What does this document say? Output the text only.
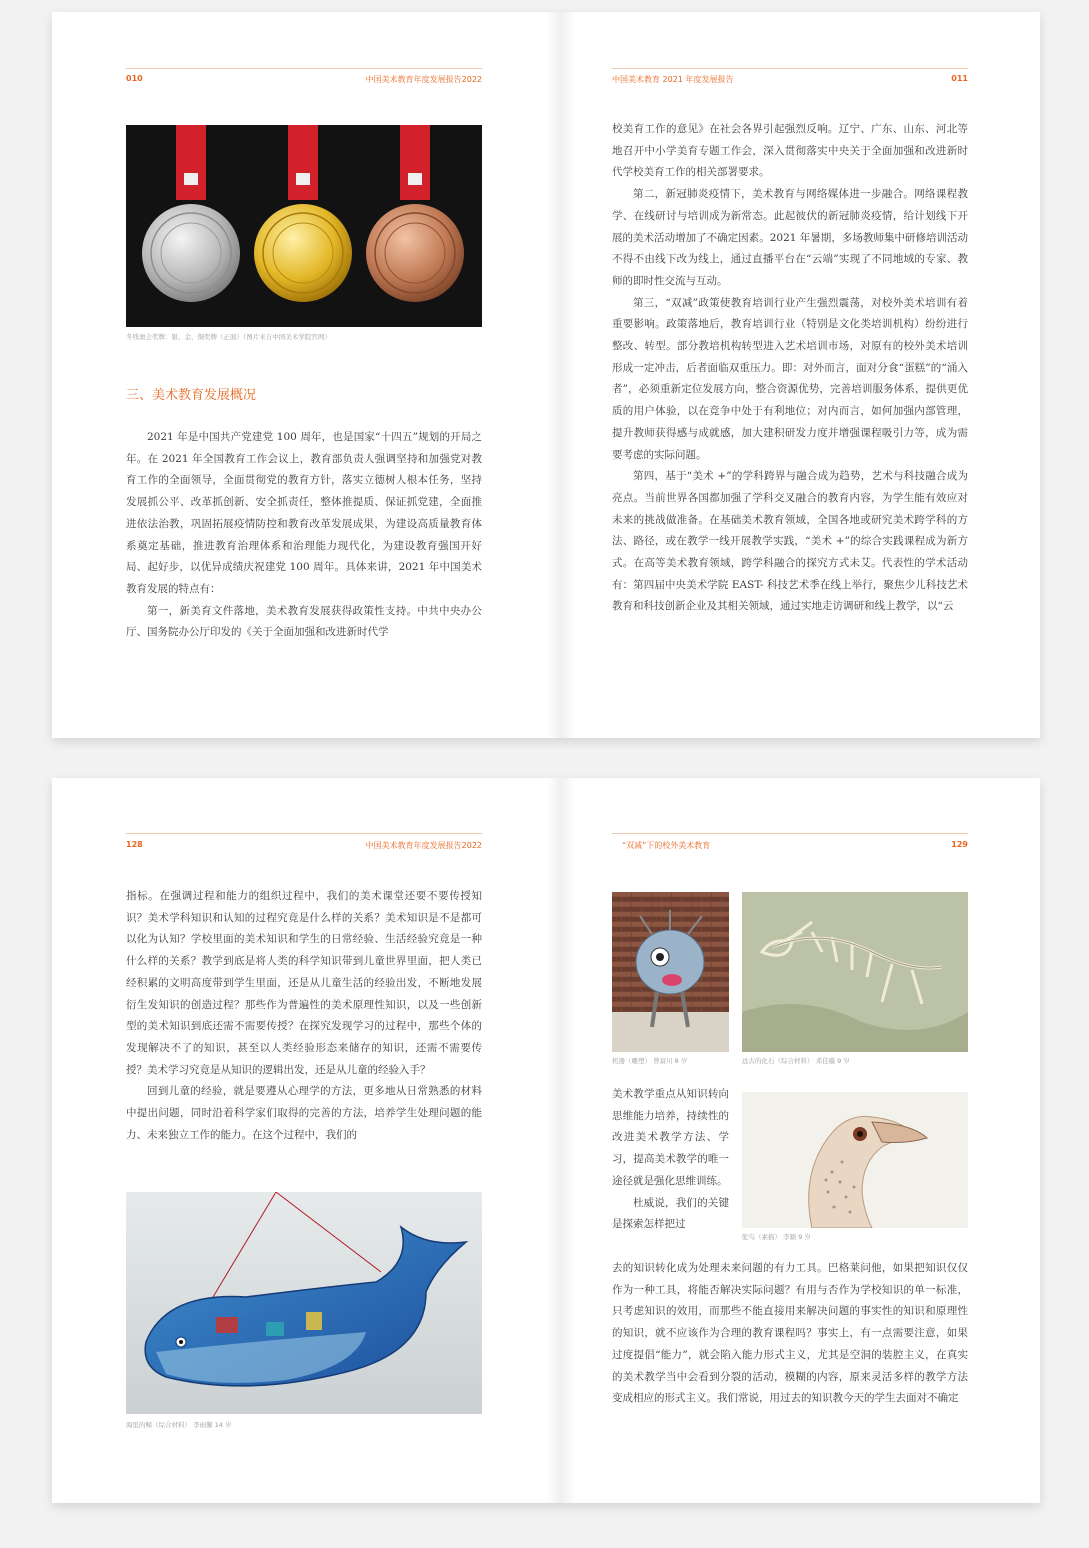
010	中国美术教育年度发展报告2022
冬残奥会奖牌：银、金、铜奖牌（正面）（图片来自中国美术学院官网）
三、美术教育发展概况

2021 年是中国共产党建党 100 周年，也是国家“十四五”规划的开局之年。在 2021 年全国教育工作会议上，教育部负责人强调坚持和加强党对教育工作的全面领导，全面贯彻党的教育方针，落实立德树人根本任务，坚持发展抓公平、改革抓创新、安全抓责任，整体推提质、保证抓党建，全面推进依法治教，巩固拓展疫情防控和教育改革发展成果，为建设高质量教育体系奠定基础，推进教育治理体系和治理能力现代化，为建设教育强国开好局、起好步，以优异成绩庆祝建党 100 周年。具体来讲，2021 年中国美术教育发展的特点有：

第一，新美育文件落地，美术教育发展获得政策性支持。中共中央办公厅、国务院办公厅印发的《关于全面加强和改进新时代学

中国美术教育 2021 年度发展报告	011

校美育工作的意见》在社会各界引起强烈反响。辽宁、广东、山东、河北等地召开中小学美育专题工作会，深入贯彻落实中央关于全面加强和改进新时代学校美育工作的相关部署要求。

第二，新冠肺炎疫情下，美术教育与网络媒体进一步融合。网络课程教学、在线研讨与培训成为新常态。此起彼伏的新冠肺炎疫情，给计划线下开展的美术活动增加了不确定因素。2021 年暑期，多场教师集中研修培训活动不得不由线下改为线上，通过直播平台在“云端”实现了不同地域的专家、教师的即时性交流与互动。

第三，“双减”政策使教育培训行业产生强烈震荡，对校外美术培训有着重要影响。政策落地后，教育培训行业（特别是文化类培训机构）纷纷进行整改、转型。部分教培机构转型进入艺术培训市场，对原有的校外美术培训形成一定冲击，后者面临双重压力。即：对外而言，面对分食“蛋糕”的“涌入者”，必须重新定位发展方向，整合资源优势，完善培训服务体系，提供更优质的用户体验，以在竞争中处于有利地位；对内而言，如何加强内部管理，提升教师获得感与成就感，加大建积研发力度并增强课程吸引力等，成为需要考虑的实际问题。

第四，基于“美术 +”的学科跨界与融合成为趋势，艺术与科技融合成为亮点。当前世界各国都加强了学科交叉融合的教育内容，为学生能有效应对未来的挑战做准备。在基础美术教育领域，全国各地或研究美术跨学科的方法、路径，或在教学一线开展教学实践，“美术 +”的综合实践课程成为新方式。在高等美术教育领域，跨学科融合的探究方式未艾。代表性的学术活动有：第四届中央美术学院 EAST- 科技艺术季在线上举行，聚焦少儿科技艺术教育和科技创新企业及其相关领域，通过实地走访调研和线上教学，以“云

128	中国美术教育年度发展报告2022

指标。在强调过程和能力的组织过程中，我们的美术课堂还要不要传授知识？美术学科知识和认知的过程究竟是什么样的关系？美术知识是不是都可以化为认知？学校里面的美术知识和学生的日常经验、生活经验究竟是一种什么样的关系？教学到底是将人类的科学知识带到儿童世界里面，把人类已经积累的文明高度带到学生里面，还是从儿童生活的经验出发，不断地发展衍生发知识的创造过程？那些作为普遍性的美术原理性知识，以及一些创新型的美术知识到底还需不需要传授？在探究发现学习的过程中，那些个体的发现解决不了的知识，甚至以人类经验形态来储存的知识，还需不需要传授？美术学习究竟是从知识的逻辑出发，还是从儿童的经验入手？

回到儿童的经验，就是要遵从心理学的方法，更多地从日常熟悉的材料中提出问题，同时沿着科学家们取得的完善的方法，培养学生处理问题的能力、未来独立工作的能力。在这个过程中，我们的

海里的鲸（综合材料） 李雨馨 14 岁
“双减”下的校外美术教育	129
机器（雕塑） 曾富川 8 岁	远古的化石（综合材料） 邓佳璇 9 岁

美术教学重点从知识转向思维能力培养，持续性的改进美术教学方法、学习，提高美术教学的唯一途径就是强化思维训练。

杜威说，我们的关键是探索怎样把过

鸵鸟（素描） 李颖 9 岁

去的知识转化成为处理未来问题的有力工具。巴格莱问他，如果把知识仅仅作为一种工具，将能否解决实际问题？有用与否作为学校知识的单一标准，只考虑知识的效用，而那些不能直接用来解决问题的事实性的知识和原理性的知识，就不应该作为合理的教育课程吗？事实上，有一点需要注意，如果过度提倡“能力”，就会陷入能力形式主义，尤其是空洞的装腔主义，在真实的美术教学当中会看到分裂的活动，模糊的内容，原来灵活多样的教学方法变成相应的形式主义。我们常说，用过去的知识教今天的学生去面对不确定
